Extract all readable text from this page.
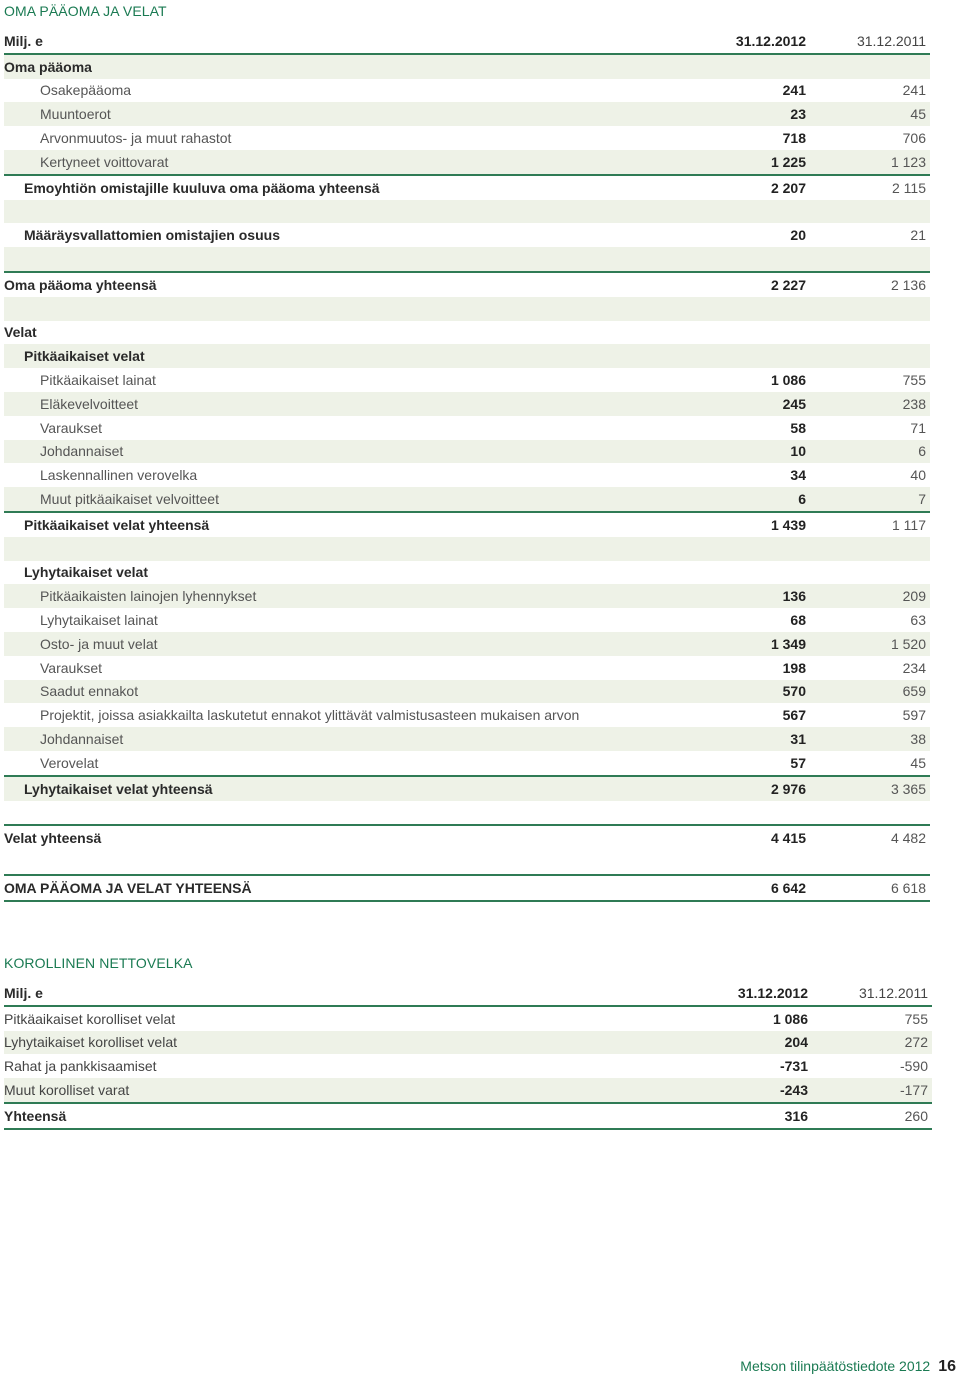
OMA PÄÄOMA JA VELAT
Milj. e	31.12.2012	31.12.2011
Oma pääoma		
Osakepääoma	241	241
Muuntoerot	23	45
Arvonmuutos- ja muut rahastot	718	706
Kertyneet voittovarat	1 225	1 123
Emoyhtiön omistajille kuuluva oma pääoma yhteensä	2 207	2 115

Määräysvallattomien omistajien osuus	20	21

Oma pääoma yhteensä	2 227	2 136

Velat		
Pitkäaikaiset velat		
Pitkäaikaiset lainat	1 086	755
Eläkevelvoitteet	245	238
Varaukset	58	71
Johdannaiset	10	6
Laskennallinen verovelka	34	40
Muut pitkäaikaiset velvoitteet	6	7
Pitkäaikaiset velat yhteensä	1 439	1 117

Lyhytaikaiset velat		
Pitkäaikaisten lainojen lyhennykset	136	209
Lyhytaikaiset lainat	68	63
Osto- ja muut velat	1 349	1 520
Varaukset	198	234
Saadut ennakot	570	659
Projektit, joissa asiakkailta laskutetut ennakot ylittävät valmistusasteen mukaisen arvon	567	597
Johdannaiset	31	38
Verovelat	57	45
Lyhytaikaiset velat yhteensä	2 976	3 365

Velat yhteensä	4 415	4 482

OMA PÄÄOMA JA VELAT YHTEENSÄ	6 642	6 618
KOROLLINEN NETTOVELKA
Milj. e	31.12.2012	31.12.2011
Pitkäaikaiset korolliset velat	1 086	755
Lyhytaikaiset korolliset velat	204	272
Rahat ja pankkisaamiset	-731	-590
Muut korolliset varat	-243	-177
Yhteensä	316	260
Metson tilinpäätöstiedote 2012 16
